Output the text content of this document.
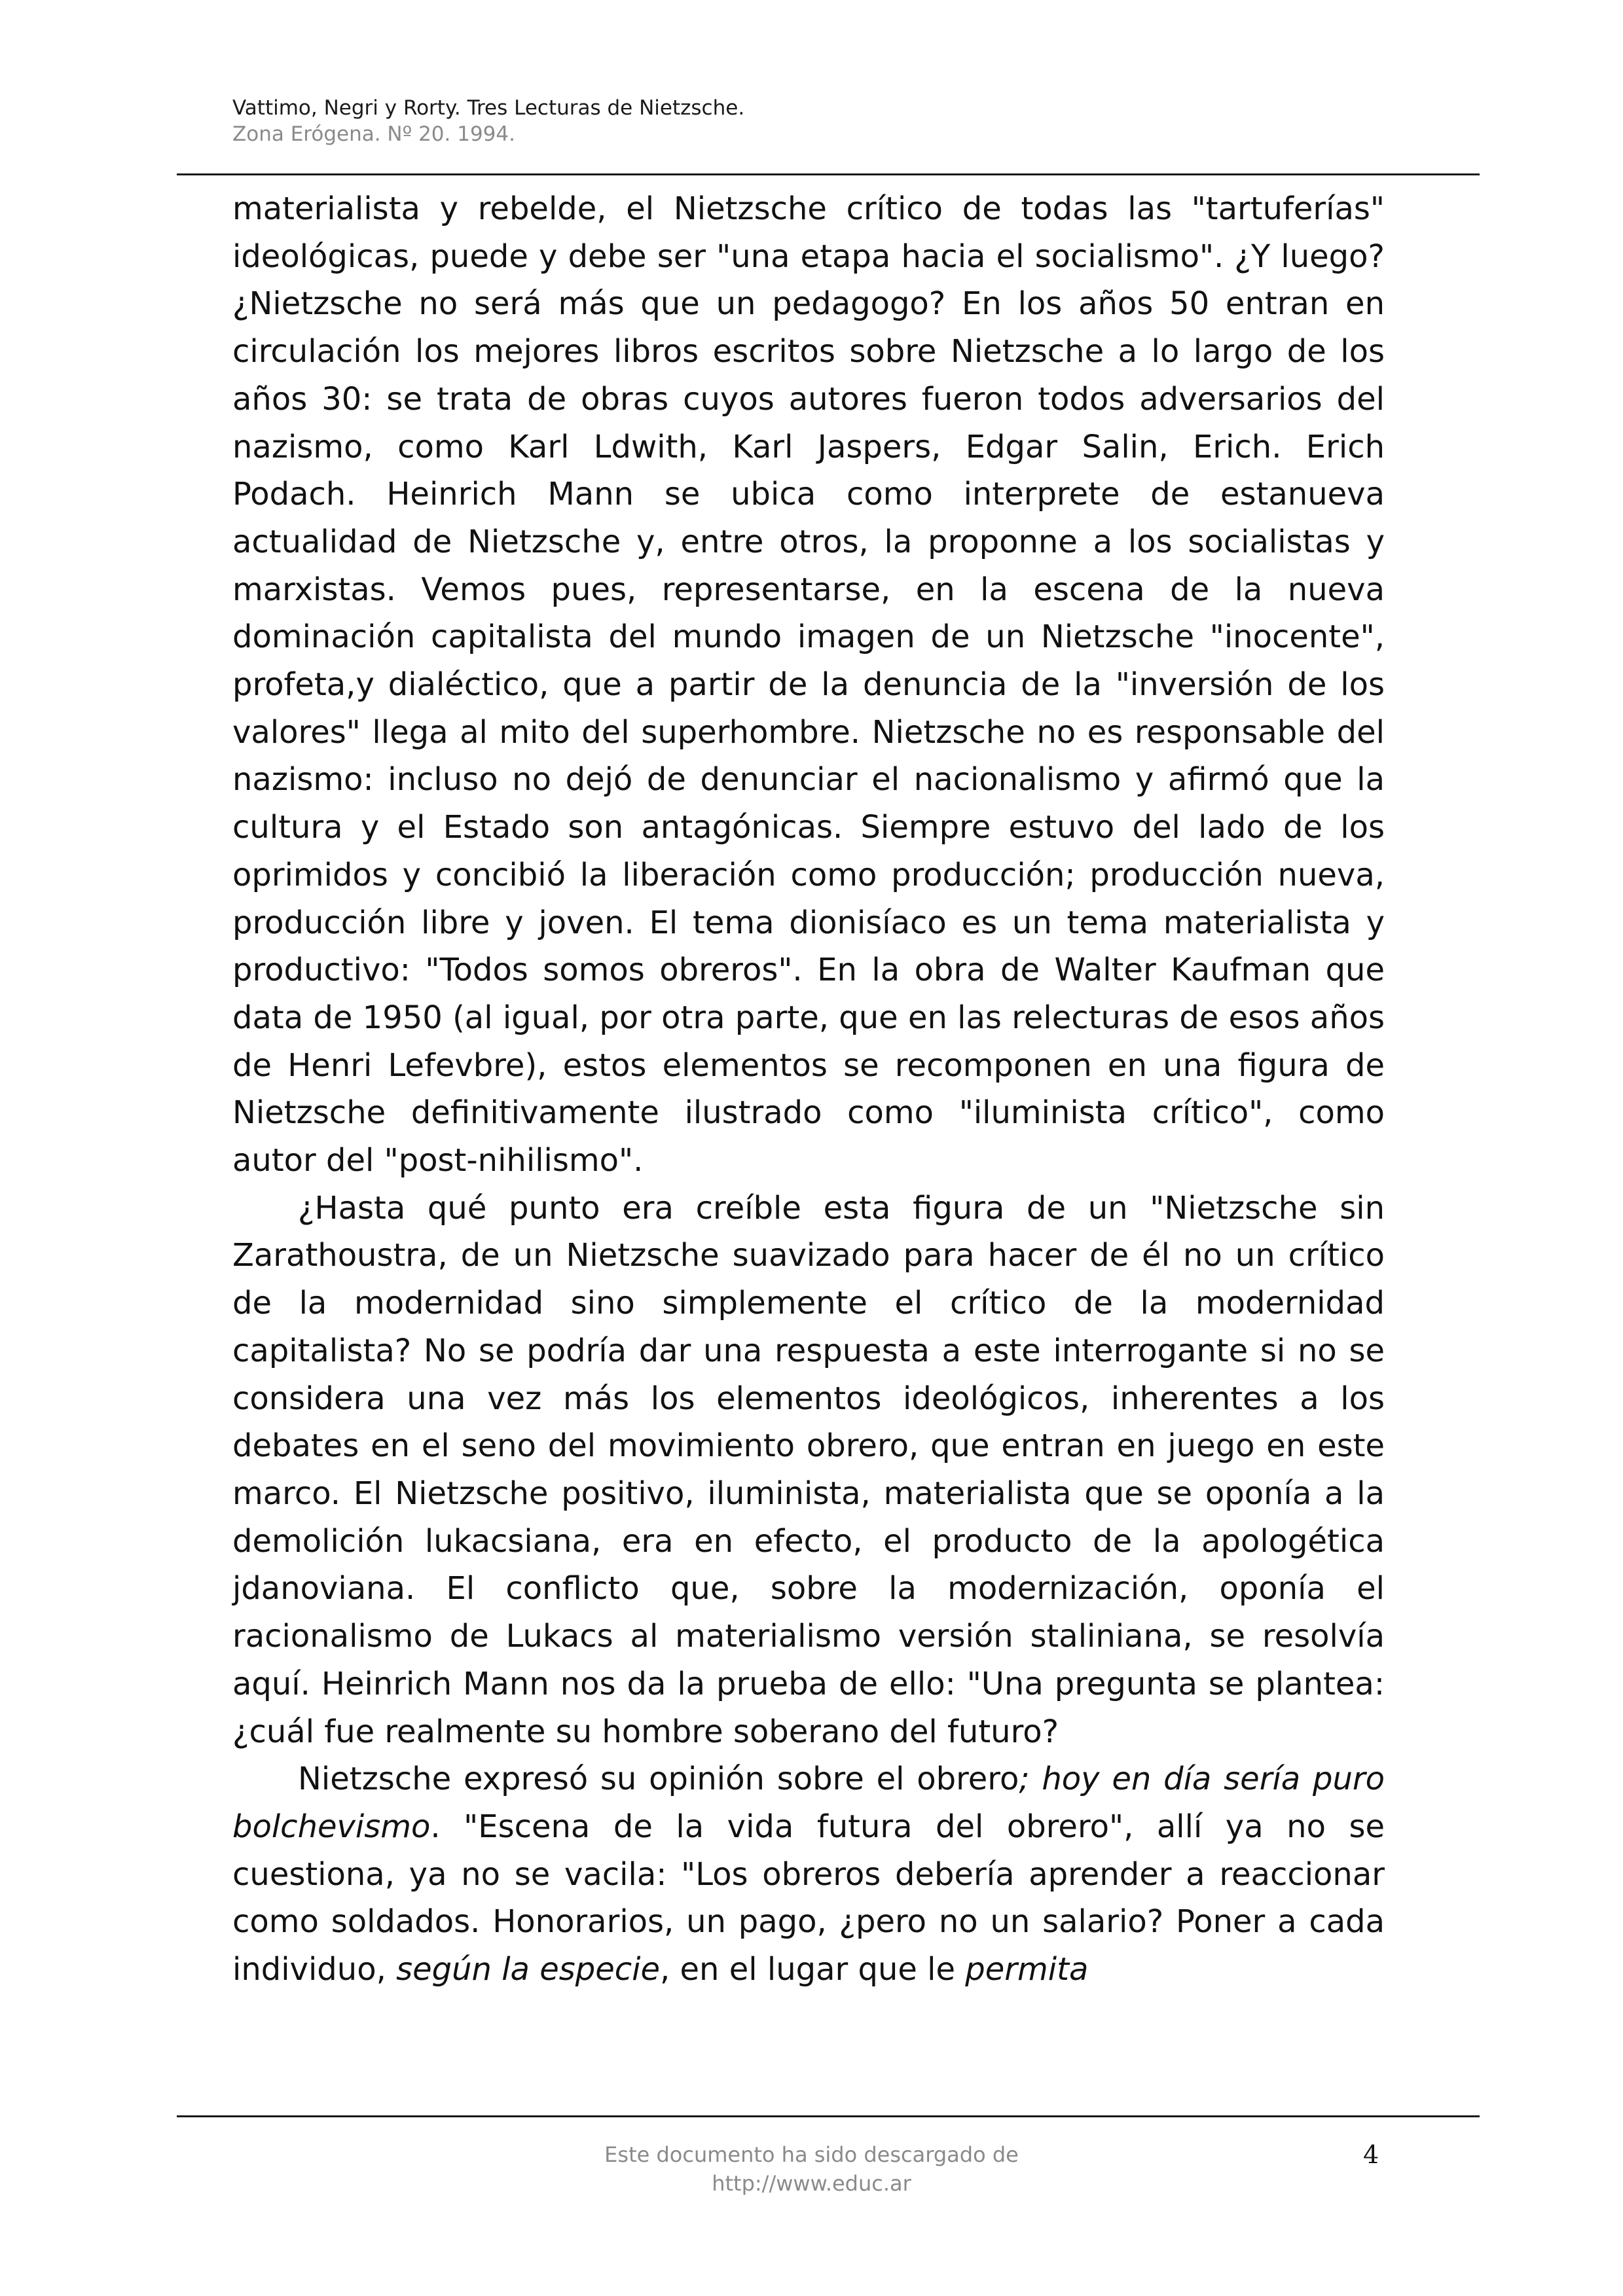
Vattimo, Negri y Rorty. Tres Lecturas de Nietzsche.
Zona Erógena. Nº 20. 1994.

materialista y rebelde, el Nietzsche crítico de todas las "tartuferías" ideológicas, puede y debe ser "una etapa hacia el socialismo". ¿Y luego? ¿Nietzsche no será más que un pedagogo? En los años 50 entran en circulación los mejores libros escritos sobre Nietzsche a lo largo de los años 30: se trata de obras cuyos autores fueron todos adversarios del nazismo, como Karl Ldwith, Karl Jaspers, Edgar Salin, Erich. Erich Podach. Heinrich Mann se ubica como interprete de estanueva actualidad de Nietzsche y, entre otros, la proponne a los socialistas y marxistas. Vemos pues, representarse, en la escena de la nueva dominación capitalista del mundo imagen de un Nietzsche "inocente", profeta,y dialéctico, que a partir de la denuncia de la "inversión de los valores" llega al mito del superhombre. Nietzsche no es responsable del nazismo: incluso no dejó de denunciar el nacionalismo y afirmó que la cultura y el Estado son antagónicas. Siempre estuvo del lado de los oprimidos y concibió la liberación como producción; producción nueva, producción libre y joven. El tema dionisíaco es un tema materialista y productivo: "Todos somos obreros". En la obra de Walter Kaufman que data de 1950 (al igual, por otra parte, que en las relecturas de esos años de Henri Lefevbre), estos elementos se recomponen en una figura de Nietzsche definitivamente ilustrado como "iluminista crítico", como autor del "post-nihilismo".

¿Hasta qué punto era creíble esta figura de un "Nietzsche sin Zarathoustra, de un Nietzsche suavizado para hacer de él no un crítico de la modernidad sino simplemente el crítico de la modernidad capitalista? No se podría dar una respuesta a este interrogante si no se considera una vez más los elementos ideológicos, inherentes a los debates en el seno del movimiento obrero, que entran en juego en este marco. El Nietzsche positivo, iluminista, materialista que se oponía a la demolición lukacsiana, era en efecto, el producto de la apologética jdanoviana. El conflicto que, sobre la modernización, oponía el racionalismo de Lukacs al materialismo versión staliniana, se resolvía aquí. Heinrich Mann nos da la prueba de ello: "Una pregunta se plantea: ¿cuál fue realmente su hombre soberano del futuro?

Nietzsche expresó su opinión sobre el obrero; hoy en día sería puro bolchevismo. "Escena de la vida futura del obrero", allí ya no se cuestiona, ya no se vacila: "Los obreros debería aprender a reaccionar como soldados. Honorarios, un pago, ¿pero no un salario? Poner a cada individuo, según la especie, en el lugar que le permita

Este documento ha sido descargado de
http://www.educ.ar
4
